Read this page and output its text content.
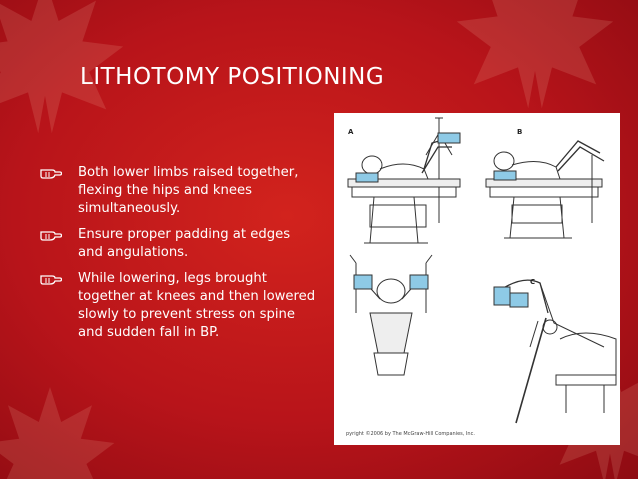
LITHOTOMY POSITIONING
Both lower limbs raised together, flexing the hips and knees simultaneously.
Ensure proper padding at edges and angulations.
While lowering, legs brought together at knees and then lowered slowly to prevent stress on spine and sudden fall in BP.
A	B
C
pyright ©2006 by The McGraw-Hill Companies, Inc.
